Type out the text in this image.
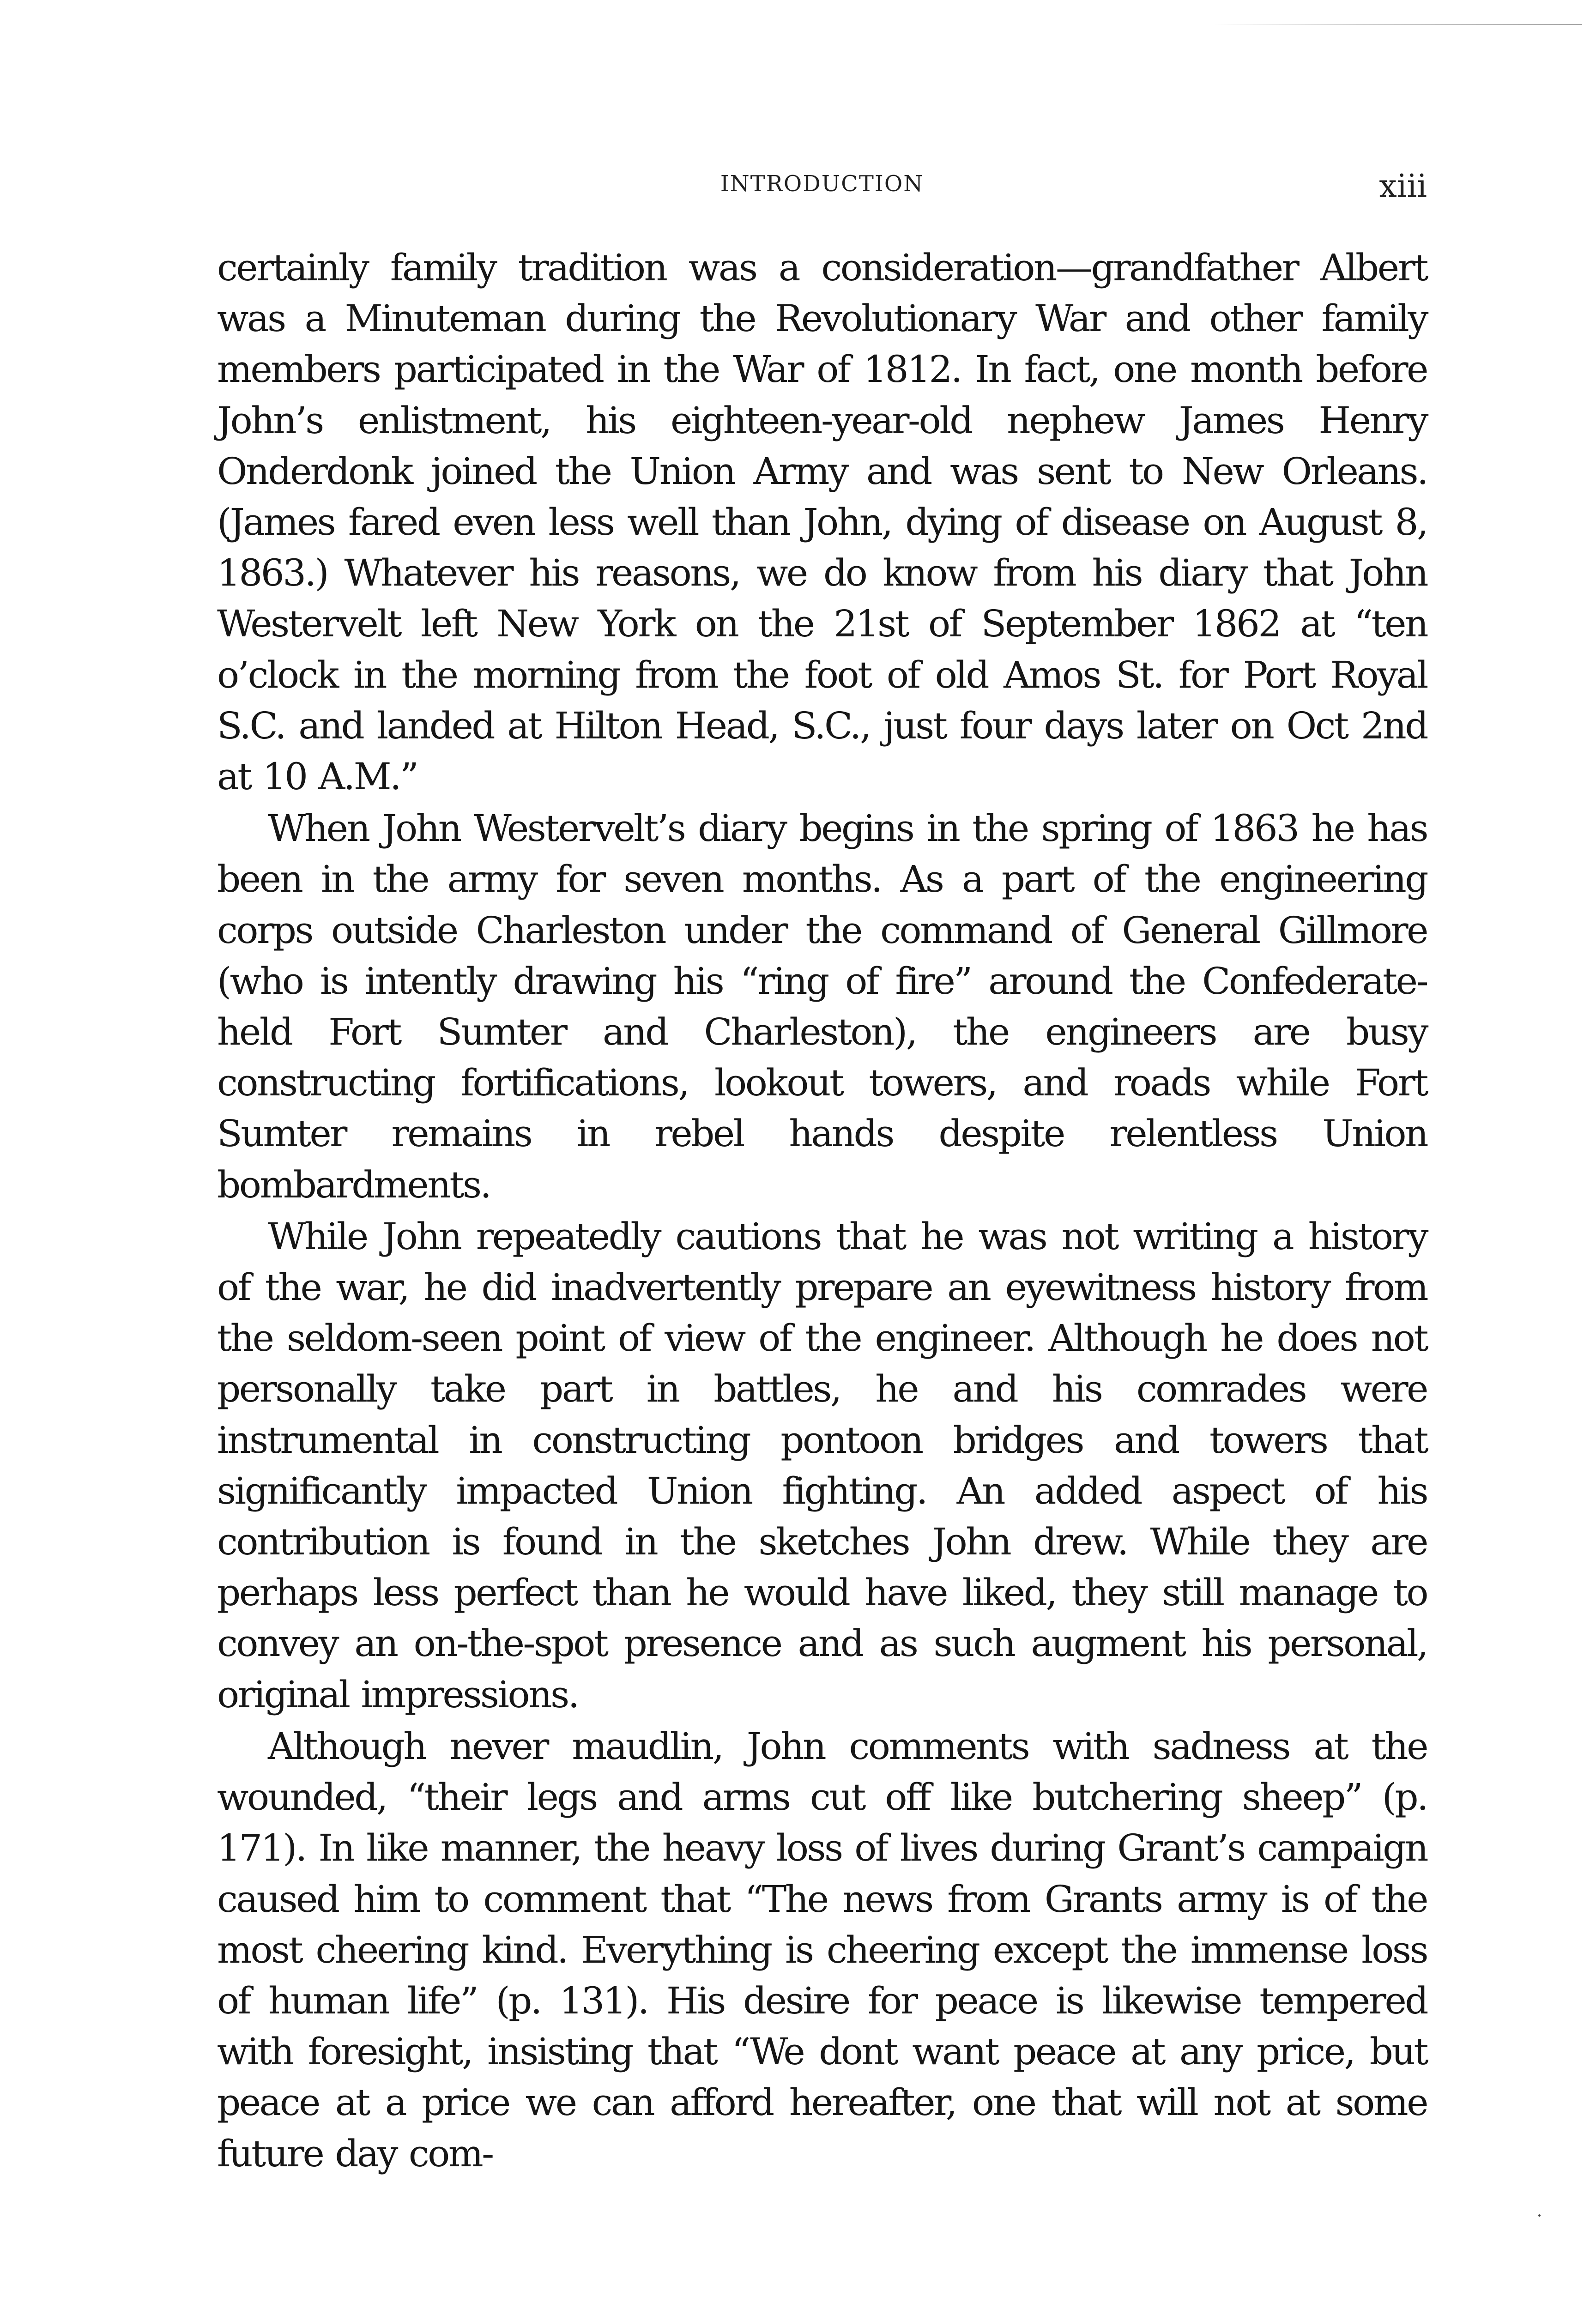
INTRODUCTION	xiii

certainly family tradition was a consideration—grandfather Albert was a Minuteman during the Revolutionary War and other family members participated in the War of 1812. In fact, one month before John’s enlistment, his eighteen-year-old nephew James Henry Onderdonk joined the Union Army and was sent to New Orleans. (James fared even less well than John, dying of disease on August 8, 1863.) Whatever his reasons, we do know from his diary that John Westervelt left New York on the 21st of September 1862 at “ten o’clock in the morning from the foot of old Amos St. for Port Royal S.C. and landed at Hilton Head, S.C., just four days later on Oct 2nd at 10 A.M.”

When John Westervelt’s diary begins in the spring of 1863 he has been in the army for seven months. As a part of the engineering corps outside Charleston under the command of General Gillmore (who is intently drawing his “ring of fire” around the Confederate-held Fort Sumter and Charleston), the engineers are busy constructing fortifications, lookout towers, and roads while Fort Sumter remains in rebel hands despite relentless Union bombardments.

While John repeatedly cautions that he was not writing a history of the war, he did inadvertently prepare an eyewitness history from the seldom-seen point of view of the engineer. Although he does not personally take part in battles, he and his comrades were instrumental in constructing pontoon bridges and towers that significantly impacted Union fighting. An added aspect of his contribution is found in the sketches John drew. While they are perhaps less perfect than he would have liked, they still manage to convey an on-the-spot presence and as such augment his personal, original impressions.

Although never maudlin, John comments with sadness at the wounded, “their legs and arms cut off like butchering sheep” (p. 171). In like manner, the heavy loss of lives during Grant’s campaign caused him to comment that “The news from Grants army is of the most cheering kind. Everything is cheering except the immense loss of human life” (p. 131). His desire for peace is likewise tempered with foresight, insisting that “We dont want peace at any price, but peace at a price we can afford hereafter, one that will not at some future day com-
